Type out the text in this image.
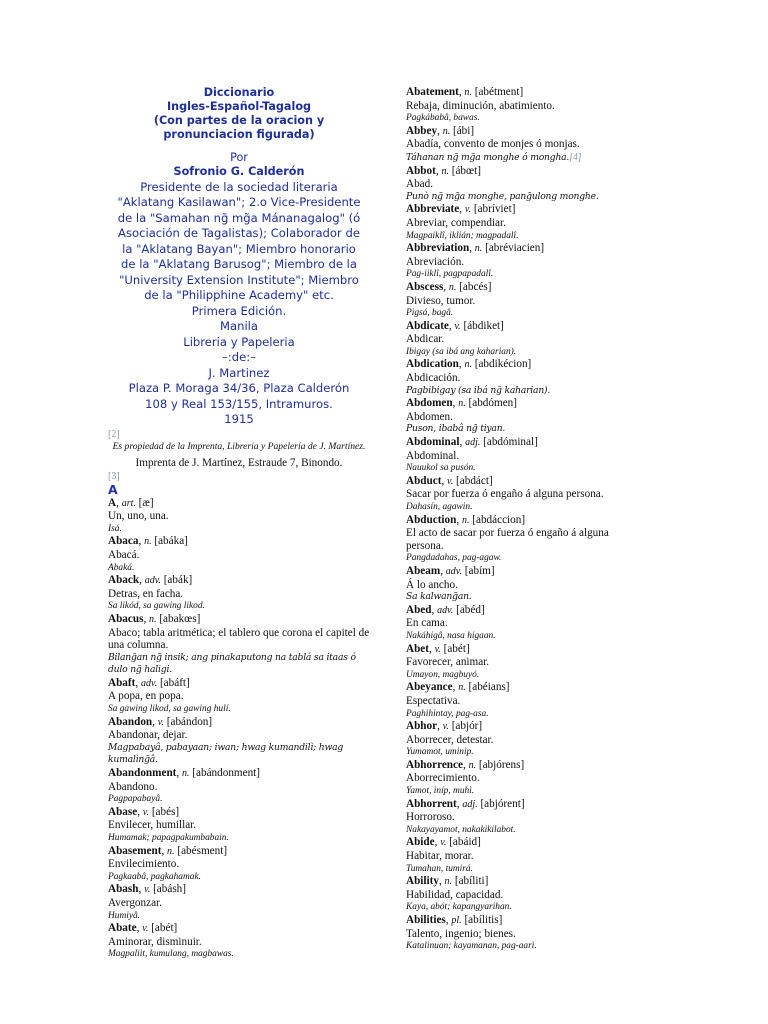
Diccionario
Ingles-Español-Tagalog
(Con partes de la oracion y
pronunciacion figurada)
Por
Sofronio G. Calderón
Presidente de la sociedad literaria
"Aklatang Kasilawan"; 2.o Vice-Presidente
de la "Samahan ng̃ mg̃a Mánanagalog" (ó
Asociación de Tagalistas); Colaborador de
la "Aklatang Bayan"; Miembro honorario
de la "Aklatang Barusog"; Miembro de la
"University Extension Institute"; Miembro
de la "Philipphine Academy" etc.
Primera Edición.
Manila
Libreria y Papeleria
–:de:–
J. Martinez
Plaza P. Moraga 34/36, Plaza Calderón
108 y Real 153/155, Intramuros.
1915
[2]
Es propiedad de la Imprenta, Librería y Papelería de J. Martínez.
Imprenta de J. Martínez, Estraude 7, Binondo.
[3]
A
A, art. [æ]
Un, uno, una.
Isá.
Abaca, n. [abáka]
Abacá.
Abaká.
Aback, adv. [abák]
Detras, en facha.
Sa likód, sa gawing likod.
Abacus, n. [abakœs]
Abaco; tabla aritmética; el tablero que corona el capitel de una columna.
Bilang̃an ng̃ insik; ang pinakaputong na tablá sa itaas ó dulo ng̃ haligi.
Abaft, adv. [abáft]
A popa, en popa.
Sa gawing likod, sa gawing hulí.
Abandon, v. [abándon]
Abandonar, dejar.
Magpabayâ, pabayaan; iwan; hwag kumandilì; hwag kumalìng̃â.
Abandonment, n. [abándonment]
Abandono.
Pagpapabayâ.
Abase, v. [abés]
Envilecer, humillar.
Humamak; papagpakumbabain.
Abasement, n. [abésment]
Envilecimiento.
Pagkaabâ, pagkahamak.
Abash, v. [abásh]
Avergonzar.
Humiyâ.
Abate, v. [abét]
Aminorar, disminuir.
Magpaliit, kumulang, magbawas.
Abatement, n. [abétment]
Rebaja, diminución, abatimiento.
Pagkábabâ, bawas.
Abbey, n. [ábi]
Abadía, convento de monjes ó monjas.
Táhanan ng̃ mg̃a monghe ó mongha.[4]
Abbot, n. [ábœt]
Abad.
Punò ng̃ mg̃a monghe, pang̃ulong monghe.
Abbreviate, v. [abríviet]
Abreviar, compendiar.
Magpaiklî, iklián; magpadalî.
Abbreviation, n. [abréviacien]
Abreviación.
Pag-iiklî, pagpapadalî.
Abscess, n. [abcés]
Divieso, tumor.
Pigsá, bagâ.
Abdicate, v. [ábdiket]
Abdicar.
Ibigay (sa ibá ang kaharian).
Abdication, n. [abdikécion]
Abdicación.
Pagbibigay (sa ibá ng̃ kaharian).
Abdomen, n. [abdómen]
Abdomen.
Puson, ibabâ ng̃ tiyan.
Abdominal, adj. [abdóminal]
Abdominal.
Nauukol sa pusón.
Abduct, v. [abdáct]
Sacar por fuerza ó engaño á alguna persona.
Dahasín, agawin.
Abduction, n. [abdáccion]
El acto de sacar por fuerza ó engaño á alguna persona.
Pangdadahas, pag-agaw.
Abeam, adv. [abím]
Á lo ancho.
Sa kalwang̃an.
Abed, adv. [abéd]
En cama.
Nakáhigâ, nasa higaan.
Abet, v. [abét]
Favorecer, animar.
Umayon, magbuyó.
Abeyance, n. [abéians]
Espectativa.
Paghihintay, pag-asa.
Abhor, v. [abjór]
Aborrecer, detestar.
Yumamot, uminip.
Abhorrence, n. [abjórens]
Aborrecimiento.
Yamot, iníp, muhì.
Abhorrent, adj. [abjórent]
Horroroso.
Nakayayamot, nakakikilabot.
Abide, v. [abáid]
Habitar, morar.
Tumahan, tumirá.
Ability, n. [abíliti]
Habilidad, capacidad.
Kaya, abót; kapangyarihan.
Abilities, pl. [abílitis]
Talento, ingenio; bienes.
Katalinuan; kayamanan, pag-aarì.
